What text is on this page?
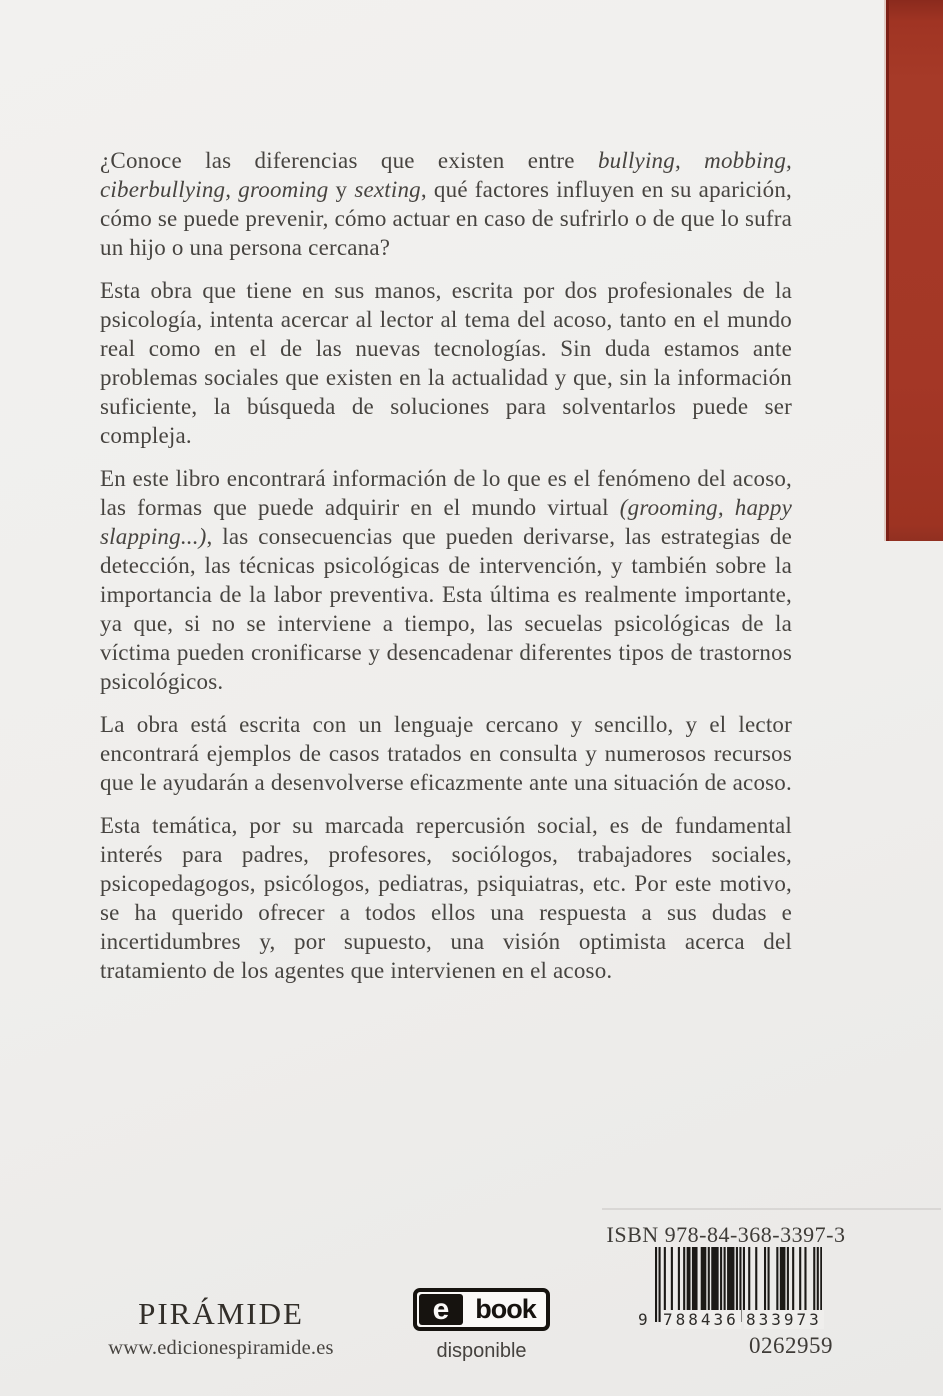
¿Conoce las diferencias que existen entre bullying, mobbing, ciberbullying, grooming y sexting, qué factores influyen en su aparición, cómo se puede prevenir, cómo actuar en caso de sufrirlo o de que lo sufra un hijo o una persona cercana?

Esta obra que tiene en sus manos, escrita por dos profesionales de la psicología, intenta acercar al lector al tema del acoso, tanto en el mundo real como en el de las nuevas tecnologías. Sin duda estamos ante problemas sociales que existen en la actualidad y que, sin la información suficiente, la búsqueda de soluciones para solventarlos puede ser compleja.

En este libro encontrará información de lo que es el fenómeno del acoso, las formas que puede adquirir en el mundo virtual (grooming, happy slapping...), las consecuencias que pueden derivarse, las estrategias de detección, las técnicas psicológicas de intervención, y también sobre la importancia de la labor preventiva. Esta última es realmente importante, ya que, si no se interviene a tiempo, las secuelas psicológicas de la víctima pueden cronificarse y desencadenar diferentes tipos de trastornos psicológicos.

La obra está escrita con un lenguaje cercano y sencillo, y el lector encontrará ejemplos de casos tratados en consulta y numerosos recursos que le ayudarán a desenvolverse eficazmente ante una situación de acoso.

Esta temática, por su marcada repercusión social, es de fundamental interés para padres, profesores, sociólogos, trabajadores sociales, psicopedagogos, psicólogos, pediatras, psiquiatras, etc. Por este motivo, se ha querido ofrecer a todos ellos una respuesta a sus dudas e incertidumbres y, por supuesto, una visión optimista acerca del tratamiento de los agentes que intervienen en el acoso.

ISBN 978-84-368-3397-3
9 788436 833973
0262959
PIRÁMIDE
www.edicionespiramide.es
e book
disponible
